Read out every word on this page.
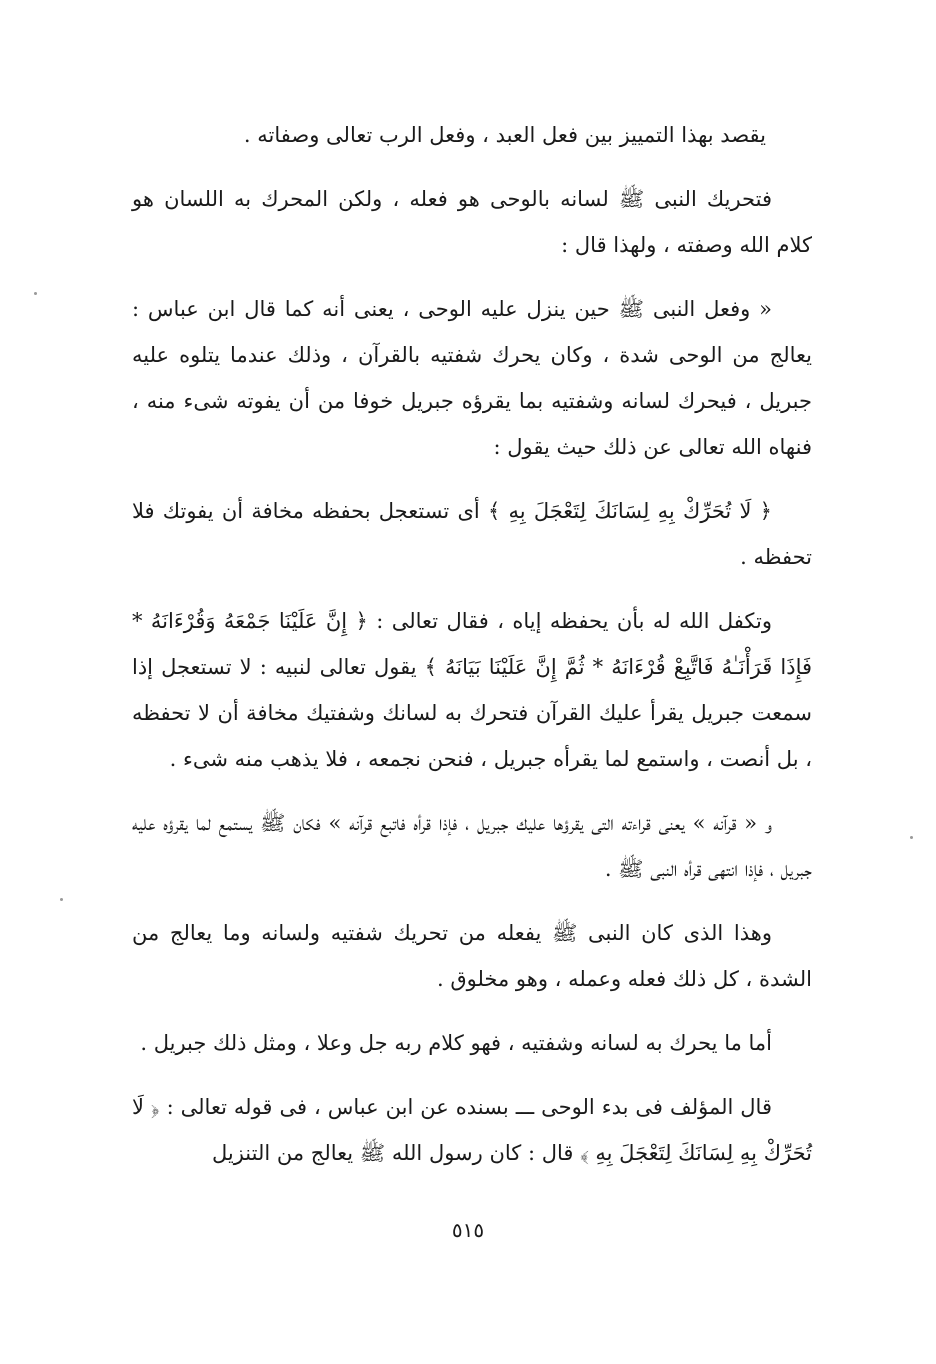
يقصد بهذا التمييز بين فعل العبد ، وفعل الرب تعالى وصفاته .

فتحريك النبى ﷺ لسانه بالوحى هو فعله ، ولكن المحرك به اللسان هو كلام الله وصفته ، ولهذا قال :

« وفعل النبى ﷺ حين ينزل عليه الوحى ، يعنى أنه كما قال ابن عباس : يعالج من الوحى شدة ، وكان يحرك شفتيه بالقرآن ، وذلك عندما يتلوه عليه جبريل ، فيحرك لسانه وشفتيه بما يقرؤه جبريل خوفا من أن يفوته شىء منه ، فنهاه الله تعالى عن ذلك حيث يقول :

﴿ لَا تُحَرِّكْ بِهِ لِسَانَكَ لِتَعْجَلَ بِهِ ﴾ أى تستعجل بحفظه مخافة أن يفوتك فلا تحفظه .

وتكفل الله له بأن يحفظه إياه ، فقال تعالى : ﴿ إِنَّ عَلَيْنَا جَمْعَهُ وَقُرْءَانَهُ * فَإِذَا قَرَأْنَـٰهُ فَاتَّبِعْ قُرْءَانَهُ * ثُمَّ إِنَّ عَلَيْنَا بَيَانَهُ ﴾ يقول تعالى لنبيه : لا تستعجل إذا سمعت جبريل يقرأ عليك القرآن فتحرك به لسانك وشفتيك مخافة أن لا تحفظه ، بل أنصت ، واستمع لما يقرأه جبريل ، فنحن نجمعه ، فلا يذهب منه شىء .

و « قرآنه » يعنى قراءته التى يقرؤها عليك جبريل ، فإذا قرأه فاتبع قرآنه » فكان ﷺ يستمع لما يقرؤه عليه جبريل ، فإذا انتهى قرأه النبى ﷺ .

وهذا الذى كان النبى ﷺ يفعله من تحريك شفتيه ولسانه وما يعالج من الشدة ، كل ذلك فعله وعمله ، وهو مخلوق .

أما ما يحرك به لسانه وشفتيه ، فهو كلام ربه جل وعلا ، ومثل ذلك جبريل .

قال المؤلف فى بدء الوحى ـــ بسنده عن ابن عباس ، فى قوله تعالى : ﴿ لَا تُحَرِّكْ بِهِ لِسَانَكَ لِتَعْجَلَ بِهِ ﴾ قال : كان رسول الله ﷺ يعالج من التنزيل

٥١٥
